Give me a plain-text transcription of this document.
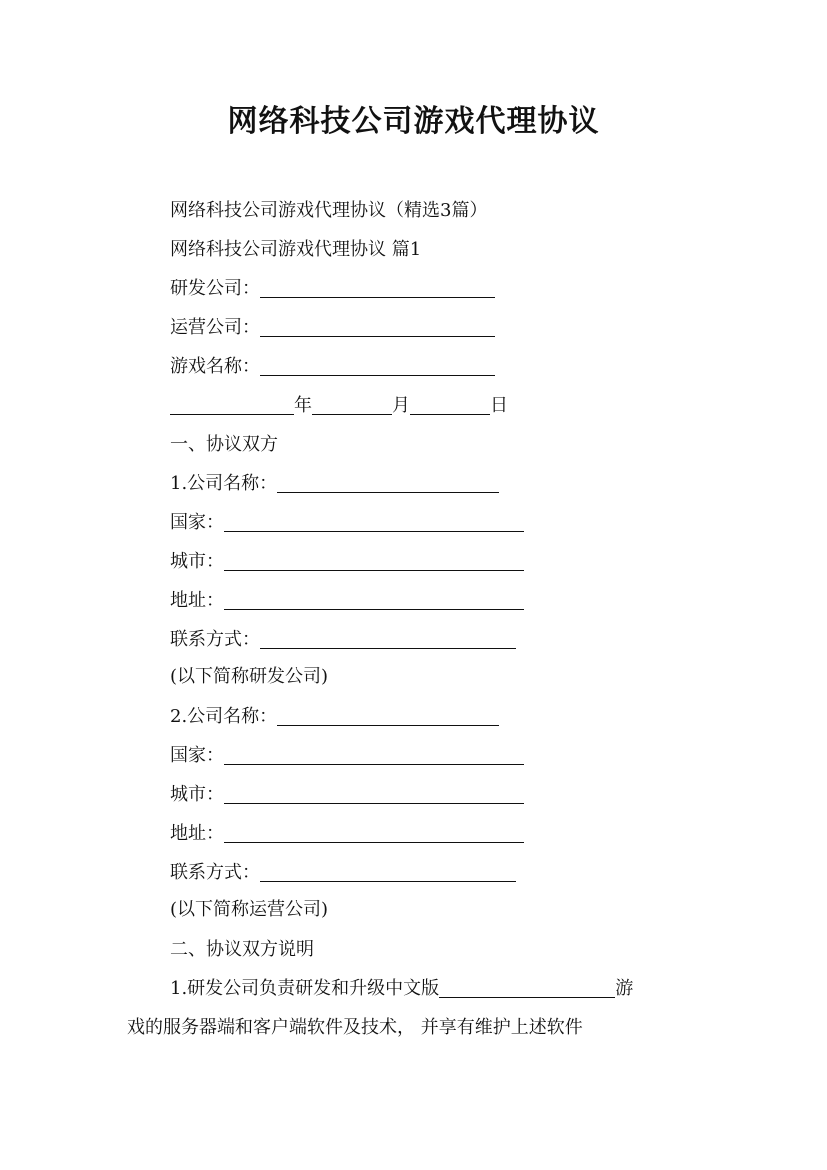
网络科技公司游戏代理协议
网络科技公司游戏代理协议（精选3篇）
网络科技公司游戏代理协议 篇1
研发公司：
运营公司：
游戏名称：
年	月	日
一、协议双方
1.公司名称：
国家：
城市：
地址：
联系方式：
(以下简称研发公司)
2.公司名称：
国家：
城市：
地址：
联系方式：
(以下简称运营公司)
二、协议双方说明
1.研发公司负责研发和升级中文版	游
戏的服务器端和客户端软件及技术， 并享有维护上述软件
